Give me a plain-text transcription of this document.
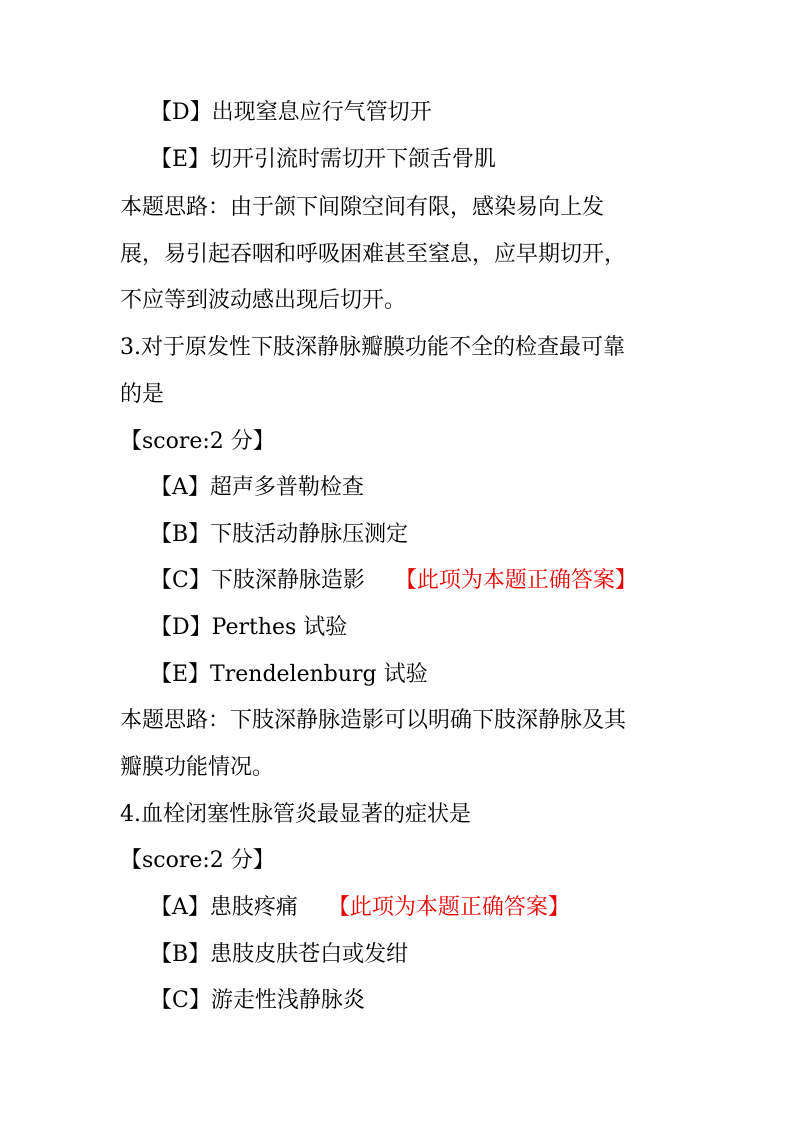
【D】出现窒息应行气管切开
【E】切开引流时需切开下颌舌骨肌
本题思路：由于颌下间隙空间有限，感染易向上发
展，易引起吞咽和呼吸困难甚至窒息，应早期切开，
不应等到波动感出现后切开。
3.对于原发性下肢深静脉瓣膜功能不全的检查最可靠
的是
【score:2 分】
【A】超声多普勒检查
【B】下肢活动静脉压测定
【C】下肢深静脉造影 【此项为本题正确答案】
【D】Perthes 试验
【E】Trendelenburg 试验
本题思路：下肢深静脉造影可以明确下肢深静脉及其
瓣膜功能情况。
4.血栓闭塞性脉管炎最显著的症状是
【score:2 分】
【A】患肢疼痛 【此项为本题正确答案】
【B】患肢皮肤苍白或发绀
【C】游走性浅静脉炎
